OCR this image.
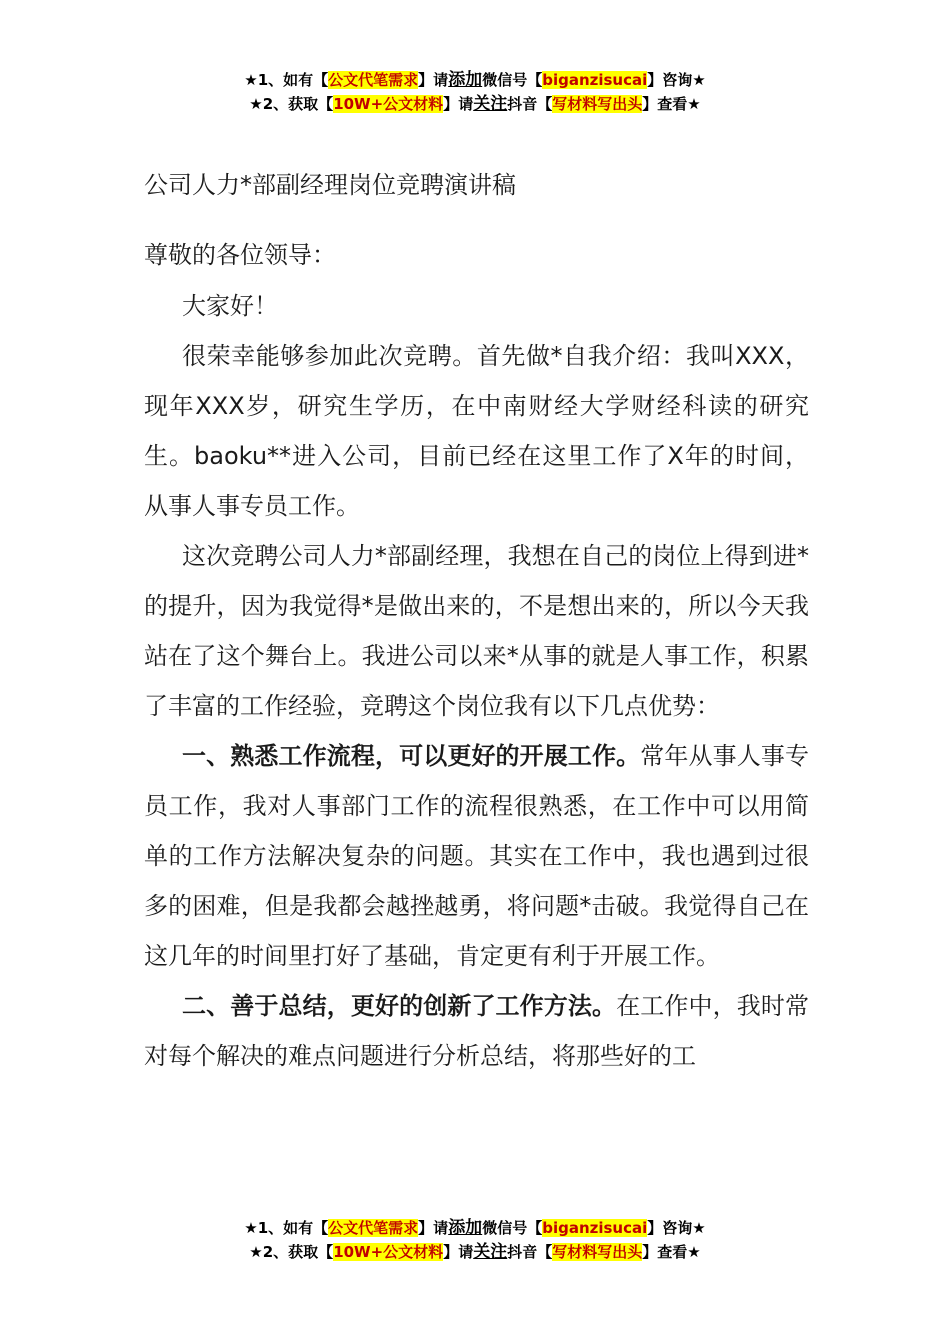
★1、如有【公文代笔需求】请添加微信号【biganzisucai】咨询★
★2、获取【10W+公文材料】请关注抖音【写材料写出头】查看★
公司人力*部副经理岗位竞聘演讲稿
尊敬的各位领导：

大家好！

很荣幸能够参加此次竞聘。首先做*自我介绍：我叫XXX，现年XXX岁，研究生学历，在中南财经大学财经科读的研究生。baoku**进入公司，目前已经在这里工作了X年的时间，从事人事专员工作。

这次竞聘公司人力*部副经理，我想在自己的岗位上得到进*的提升，因为我觉得*是做出来的，不是想出来的，所以今天我站在了这个舞台上。我进公司以来*从事的就是人事工作，积累了丰富的工作经验，竞聘这个岗位我有以下几点优势：

一、熟悉工作流程，可以更好的开展工作。常年从事人事专员工作，我对人事部门工作的流程很熟悉，在工作中可以用简单的工作方法解决复杂的问题。其实在工作中，我也遇到过很多的困难，但是我都会越挫越勇，将问题*击破。我觉得自己在这几年的时间里打好了基础，肯定更有利于开展工作。

二、善于总结，更好的创新了工作方法。在工作中，我时常对每个解决的难点问题进行分析总结，将那些好的工

★1、如有【公文代笔需求】请添加微信号【biganzisucai】咨询★
★2、获取【10W+公文材料】请关注抖音【写材料写出头】查看★
